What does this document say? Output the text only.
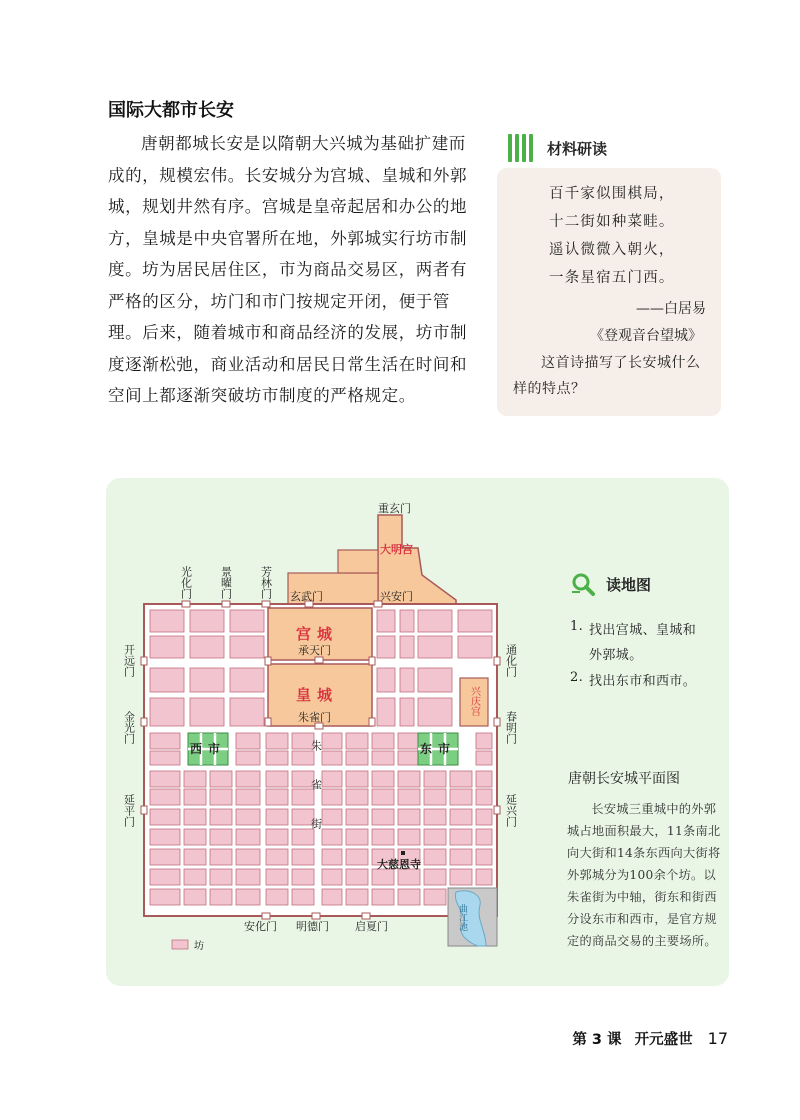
国际大都市长安

唐朝都城长安是以隋朝大兴城为基础扩建而成的，规模宏伟。长安城分为宫城、皇城和外郭城，规划井然有序。宫城是皇帝起居和办公的地方，皇城是中央官署所在地，外郭城实行坊市制度。坊为居民居住区，市为商品交易区，两者有严格的区分，坊门和市门按规定开闭，便于管理。后来，随着城市和商品经济的发展，坊市制度逐渐松弛，商业活动和居民日常生活在时间和空间上都逐渐突破坊市制度的严格规定。

材料研读

百千家似围棋局，

十二街如种菜畦。

遥认微微入朝火，

一条星宿五门西。

——白居易
《登观音台望城》

这首诗描写了长安城什么样的特点？

重玄门
玄武门	兴安门
承天门
朱雀门
安化门 明德门 启夏门
大慈恩寺
坊
光化门 景曜门 芳林门
开远门
金光门
延平门
通化门
春明门
延兴门
兴庆宫
朱雀街
曲江池
宫城
皇城
大明宫
西市	东市
读地图
1. 找出宫城、皇城和
外郭城。
2. 找出东市和西市。
唐朝长安城平面图

长安城三重城中的外郭城占地面积最大，11条南北向大街和14条东西向大街将外郭城分为100余个坊。以朱雀街为中轴，街东和街西分设东市和西市，是官方规定的商品交易的主要场所。

第 3 课 开元盛世 17
